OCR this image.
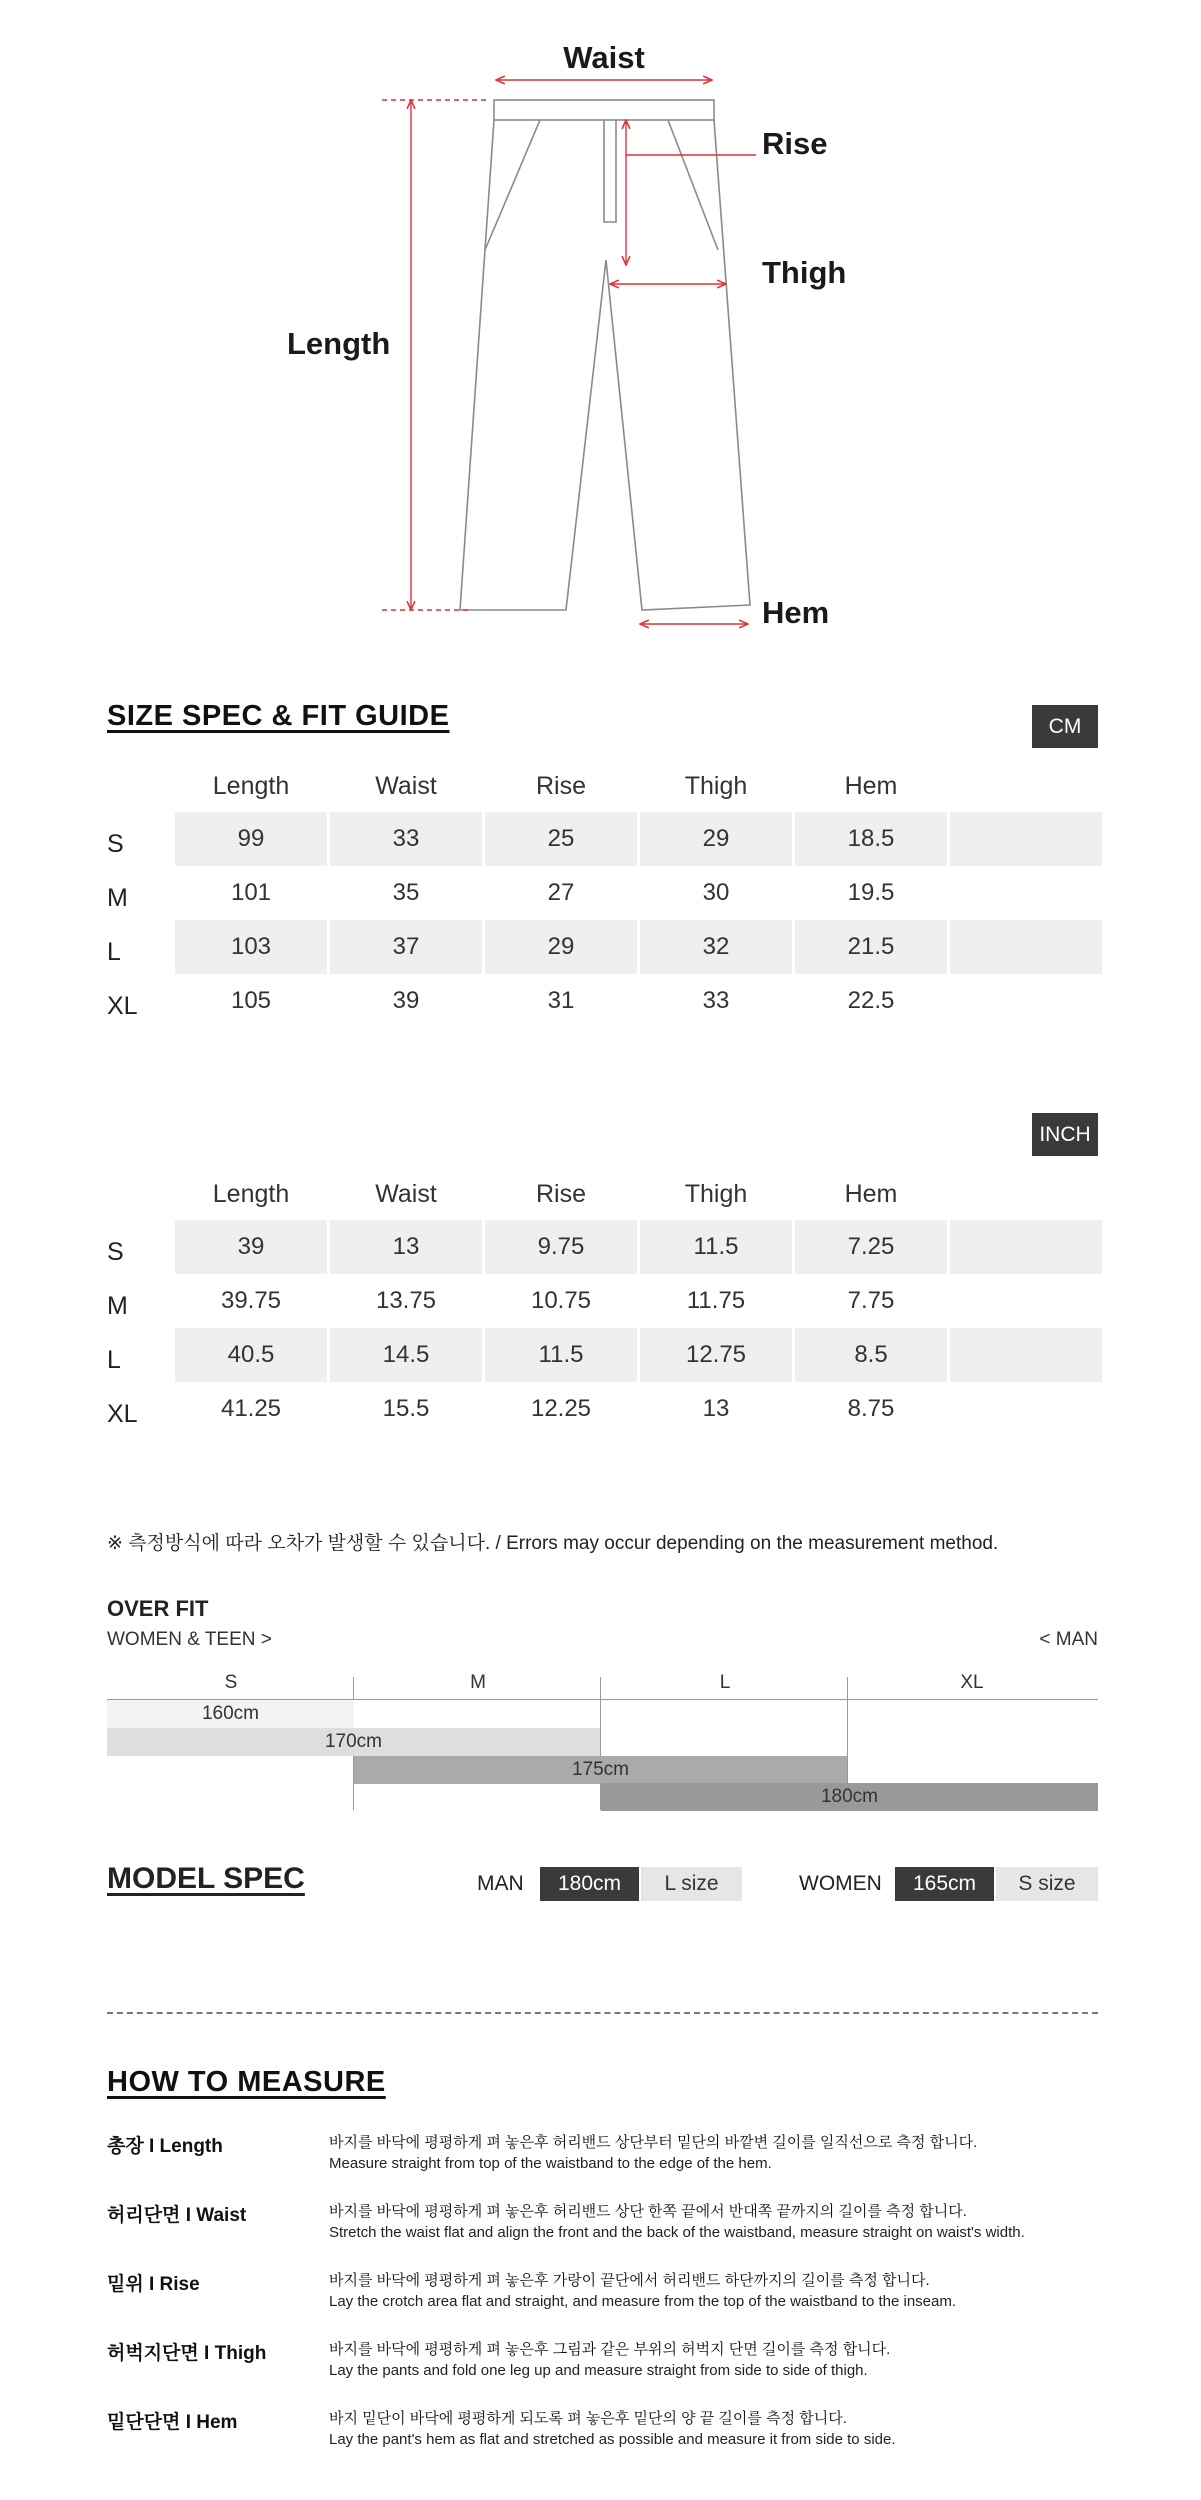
Waist
Rise
Thigh
Length
Hem
SIZE SPEC & FIT GUIDE	CM
Length	Waist	Rise	Thigh	Hem
S	99	33	25	29	18.5
M	101	35	27	30	19.5
L	103	37	29	32	21.5
XL	105	39	31	33	22.5
INCH
Length	Waist	Rise	Thigh	Hem
S	39	13	9.75	11.5	7.25
M	39.75	13.75	10.75	11.75	7.75
L	40.5	14.5	11.5	12.75	8.5
XL	41.25	15.5	12.25	13	8.75
※ 측정방식에 따라 오차가 발생할 수 있습니다. / Errors may occur depending on the measurement method.
OVER FIT
WOMEN & TEEN >	< MAN
S	M	L	XL
160cm
170cm
175cm
180cm
MODEL SPEC	MAN	180cm	L size	WOMEN	165cm	S size
HOW TO MEASURE
총장 I Length	바지를 바닥에 평평하게 펴 놓은후 허리밴드 상단부터 밑단의 바깥변 길이를 일직선으로 측정 합니다.
Measure straight from top of the waistband to the edge of the hem.
허리단면 I Waist	바지를 바닥에 평평하게 펴 놓은후 허리밴드 상단 한쪽 끝에서 반대쪽 끝까지의 길이를 측정 합니다.
Stretch the waist flat and align the front and the back of the waistband, measure straight on waist's width.
밑위 I Rise	바지를 바닥에 평평하게 펴 놓은후 가랑이 끝단에서 허리밴드 하단까지의 길이를 측정 합니다.
Lay the crotch area flat and straight, and measure from the top of the waistband to the inseam.
허벅지단면 I Thigh	바지를 바닥에 평평하게 펴 놓은후 그림과 같은 부위의 허벅지 단면 길이를 측정 합니다.
Lay the pants and fold one leg up and measure straight from side to side of thigh.
밑단단면 I Hem	바지 밑단이 바닥에 평평하게 되도록 펴 놓은후 밑단의 양 끝 길이를 측정 합니다.
Lay the pant's hem as flat and stretched as possible and measure it from side to side.
